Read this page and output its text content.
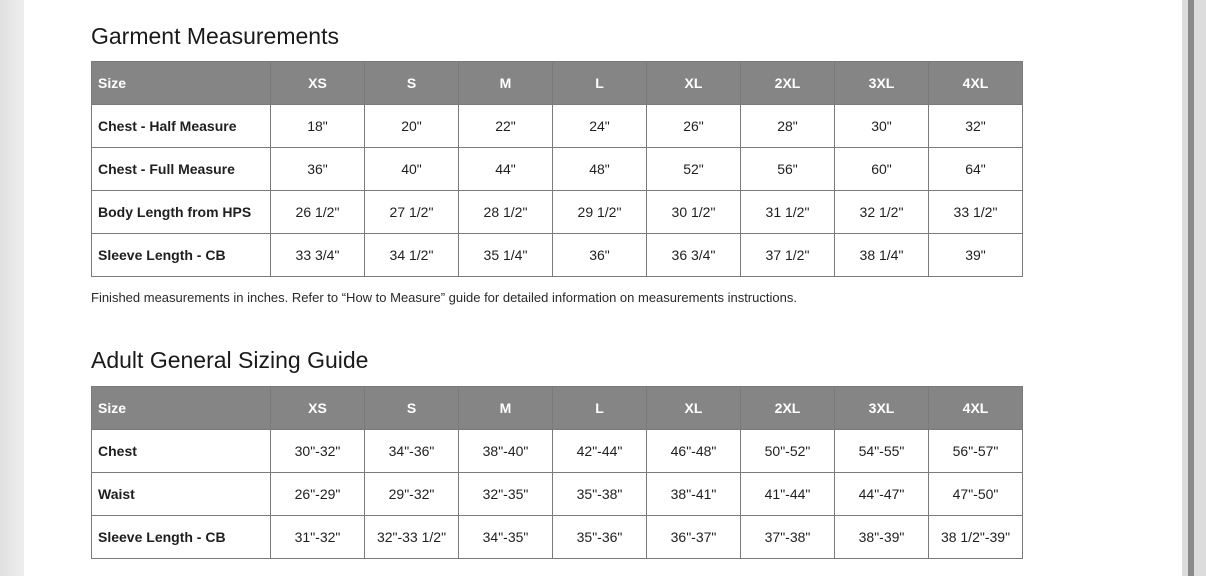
Garment Measurements
Size	XS	S	M	L	XL	2XL	3XL	4XL
Chest - Half Measure	18"	20"	22"	24"	26"	28"	30"	32"
Chest - Full Measure	36"	40"	44"	48"	52"	56"	60"	64"
Body Length from HPS	26 1/2"	27 1/2"	28 1/2"	29 1/2"	30 1/2"	31 1/2"	32 1/2"	33 1/2"
Sleeve Length - CB	33 3/4"	34 1/2"	35 1/4"	36"	36 3/4"	37 1/2"	38 1/4"	39"

Finished measurements in inches. Refer to “How to Measure” guide for detailed information on measurements instructions.

Adult General Sizing Guide
Size	XS	S	M	L	XL	2XL	3XL	4XL
Chest	30"-32"	34"-36"	38"-40"	42"-44"	46"-48"	50"-52"	54"-55"	56"-57"
Waist	26"-29"	29"-32"	32"-35"	35"-38"	38"-41"	41"-44"	44"-47"	47"-50"
Sleeve Length - CB	31"-32"	32"-33 1/2"	34"-35"	35"-36"	36"-37"	37"-38"	38"-39"	38 1/2"-39"
